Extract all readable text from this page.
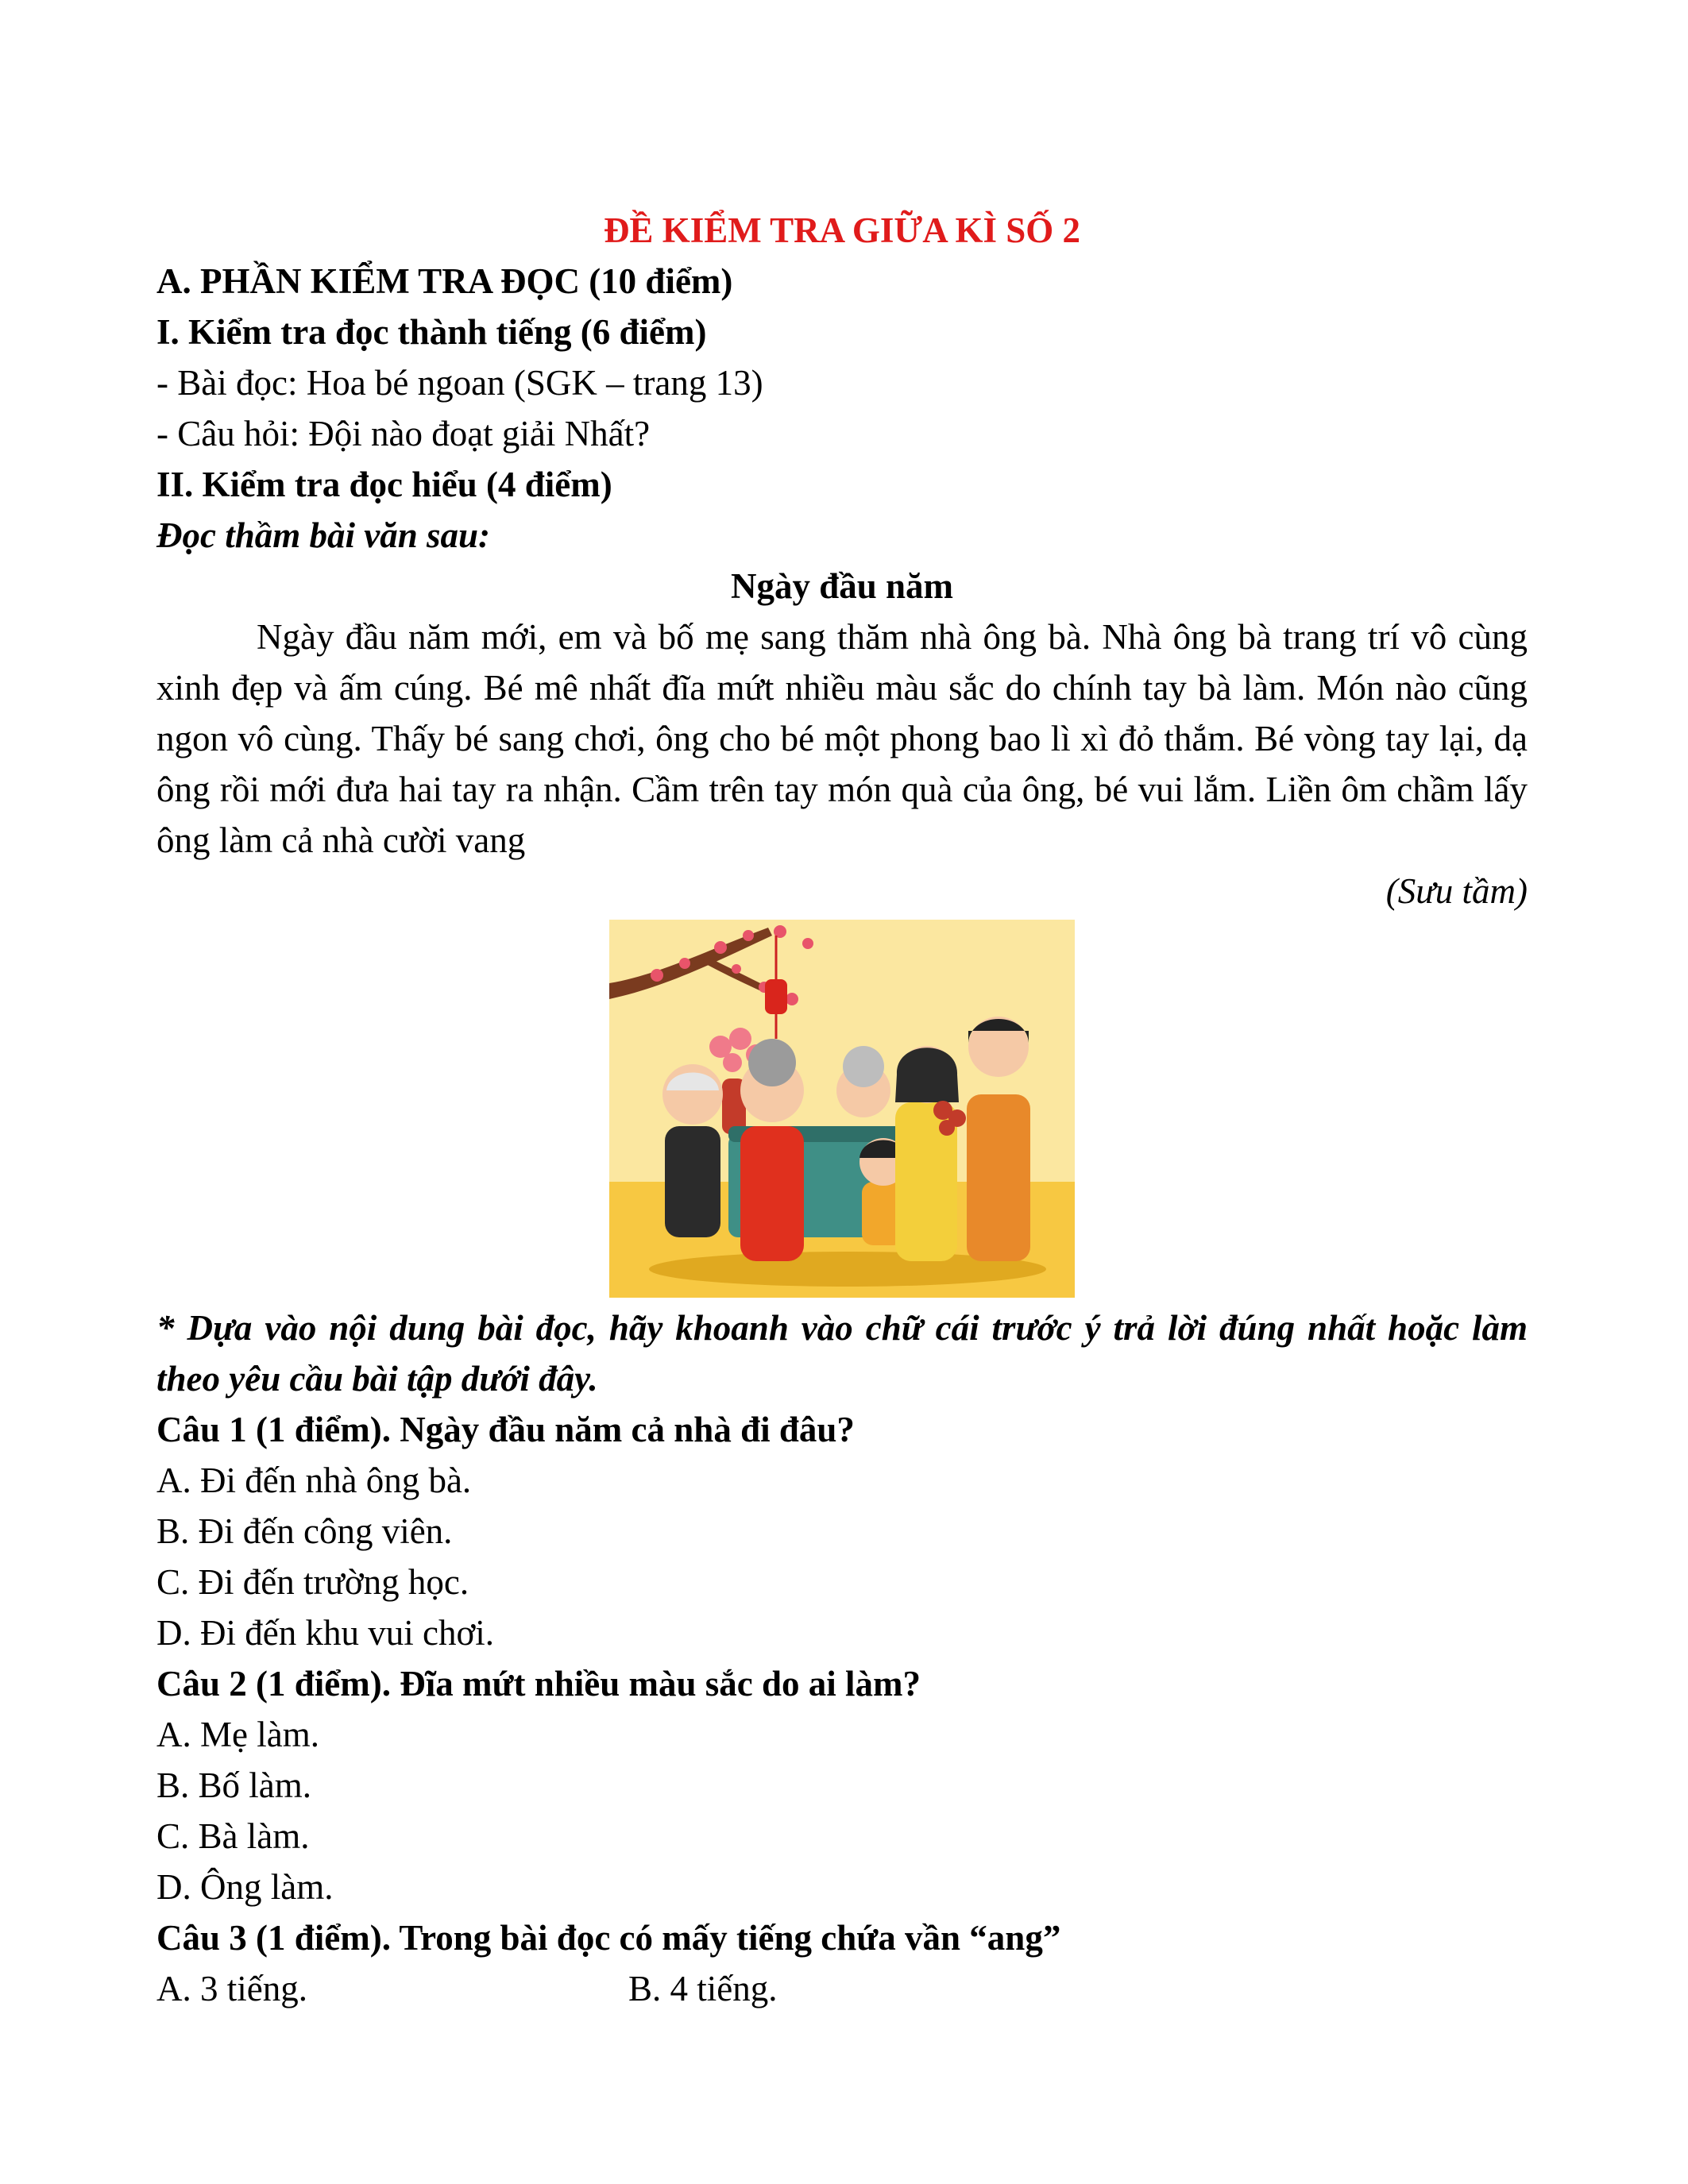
ĐỀ KIỂM TRA GIỮA KÌ SỐ 2

A. PHẦN KIỂM TRA ĐỌC (10 điểm)

I. Kiểm tra đọc thành tiếng (6 điểm)

- Bài đọc: Hoa bé ngoan (SGK – trang 13)

- Câu hỏi: Đội nào đoạt giải Nhất?

II. Kiểm tra đọc hiểu (4 điểm)

Đọc thầm bài văn sau:

Ngày đầu năm

Ngày đầu năm mới, em và bố mẹ sang thăm nhà ông bà. Nhà ông bà trang trí vô cùng xinh đẹp và ấm cúng. Bé mê nhất đĩa mứt nhiều màu sắc do chính tay bà làm. Món nào cũng ngon vô cùng. Thấy bé sang chơi, ông cho bé một phong bao lì xì đỏ thắm. Bé vòng tay lại, dạ ông rồi mới đưa hai tay ra nhận. Cầm trên tay món quà của ông, bé vui lắm. Liền ôm chầm lấy ông làm cả nhà cười vang

(Sưu tầm)

* Dựa vào nội dung bài đọc, hãy khoanh vào chữ cái trước ý trả lời đúng nhất hoặc làm theo yêu cầu bài tập dưới đây.

Câu 1 (1 điểm). Ngày đầu năm cả nhà đi đâu?

A. Đi đến nhà ông bà.

B. Đi đến công viên.

C. Đi đến trường học.

D. Đi đến khu vui chơi.

Câu 2 (1 điểm). Đĩa mứt nhiều màu sắc do ai làm?

A. Mẹ làm.

B. Bố làm.

C. Bà làm.

D. Ông làm.

Câu 3 (1 điểm). Trong bài đọc có mấy tiếng chứa vần “ang”

A. 3 tiếng.	B. 4 tiếng.
